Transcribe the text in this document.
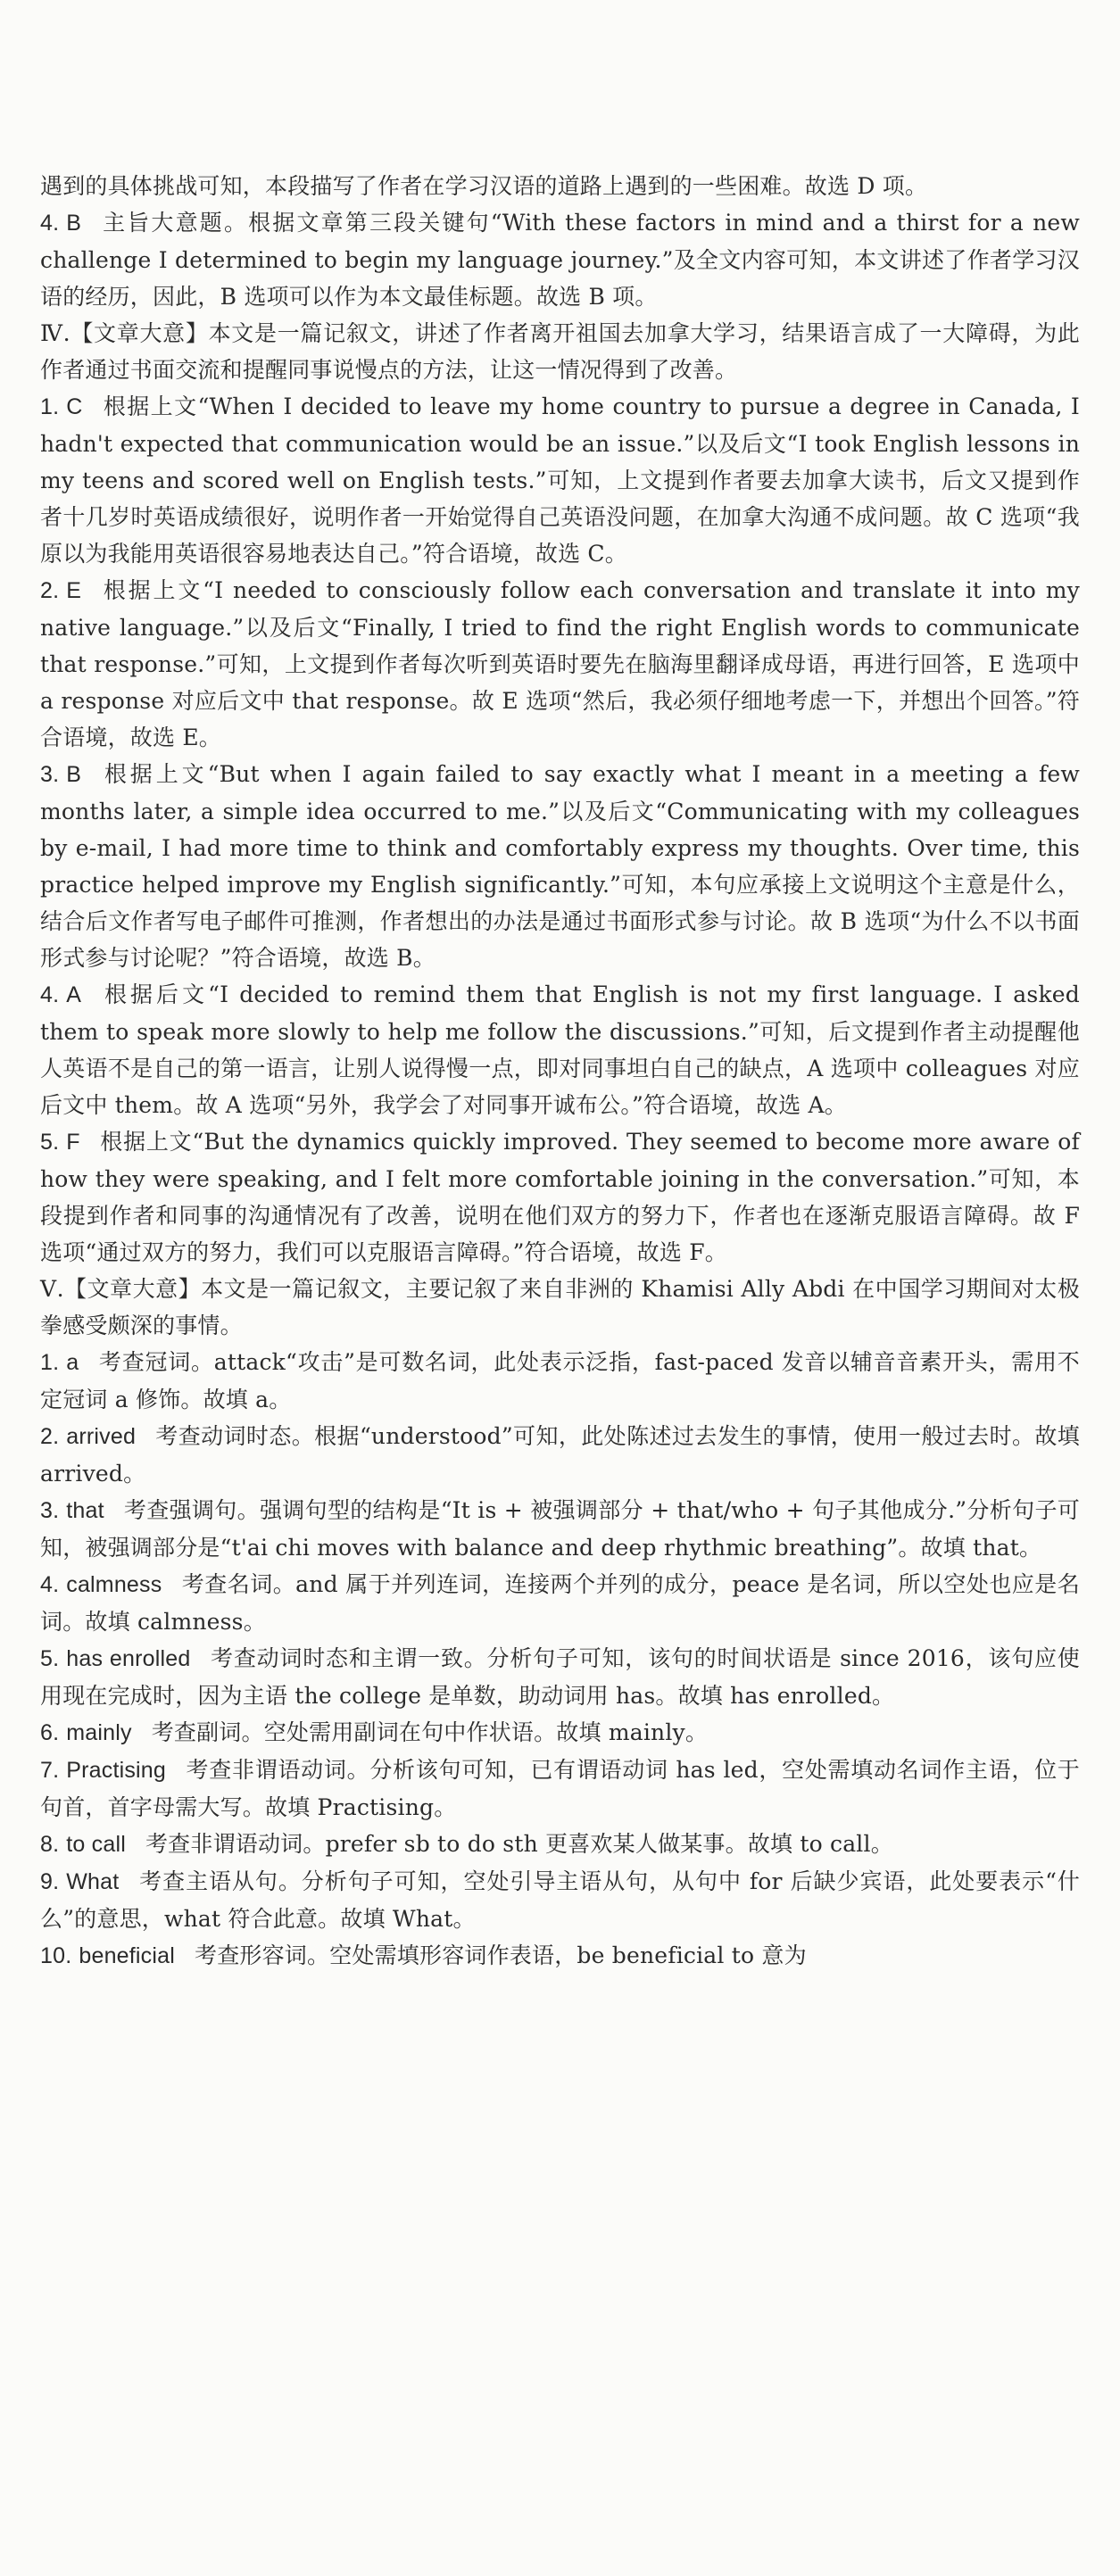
遇到的具体挑战可知，本段描写了作者在学习汉语的道路上遇到的一些困难。故选 D 项。

4. B 主旨大意题。根据文章第三段关键句“With these factors in mind and a thirst for a new challenge I determined to begin my language journey.”及全文内容可知，本文讲述了作者学习汉语的经历，因此，B 选项可以作为本文最佳标题。故选 B 项。

Ⅳ.【文章大意】本文是一篇记叙文，讲述了作者离开祖国去加拿大学习，结果语言成了一大障碍，为此作者通过书面交流和提醒同事说慢点的方法，让这一情况得到了改善。

1. C 根据上文“When I decided to leave my home country to pursue a degree in Canada, I hadn't expected that communication would be an issue.”以及后文“I took English lessons in my teens and scored well on English tests.”可知，上文提到作者要去加拿大读书，后文又提到作者十几岁时英语成绩很好，说明作者一开始觉得自己英语没问题，在加拿大沟通不成问题。故 C 选项“我原以为我能用英语很容易地表达自己。”符合语境，故选 C。

2. E 根据上文“I needed to consciously follow each conversation and translate it into my native language.”以及后文“Finally, I tried to find the right English words to communicate that response.”可知，上文提到作者每次听到英语时要先在脑海里翻译成母语，再进行回答，E 选项中 a response 对应后文中 that response。故 E 选项“然后，我必须仔细地考虑一下，并想出个回答。”符合语境，故选 E。

3. B 根据上文“But when I again failed to say exactly what I meant in a meeting a few months later, a simple idea occurred to me.”以及后文“Communicating with my colleagues by e-mail, I had more time to think and comfortably express my thoughts. Over time, this practice helped improve my English significantly.”可知，本句应承接上文说明这个主意是什么，结合后文作者写电子邮件可推测，作者想出的办法是通过书面形式参与讨论。故 B 选项“为什么不以书面形式参与讨论呢？”符合语境，故选 B。

4. A 根据后文“I decided to remind them that English is not my first language. I asked them to speak more slowly to help me follow the discussions.”可知，后文提到作者主动提醒他人英语不是自己的第一语言，让别人说得慢一点，即对同事坦白自己的缺点，A 选项中 colleagues 对应后文中 them。故 A 选项“另外，我学会了对同事开诚布公。”符合语境，故选 A。

5. F 根据上文“But the dynamics quickly improved. They seemed to become more aware of how they were speaking, and I felt more comfortable joining in the conversation.”可知，本段提到作者和同事的沟通情况有了改善，说明在他们双方的努力下，作者也在逐渐克服语言障碍。故 F 选项“通过双方的努力，我们可以克服语言障碍。”符合语境，故选 F。

Ⅴ.【文章大意】本文是一篇记叙文，主要记叙了来自非洲的 Khamisi Ally Abdi 在中国学习期间对太极拳感受颇深的事情。

1. a 考查冠词。attack“攻击”是可数名词，此处表示泛指，fast-paced 发音以辅音音素开头，需用不定冠词 a 修饰。故填 a。

2. arrived 考查动词时态。根据“understood”可知，此处陈述过去发生的事情，使用一般过去时。故填 arrived。

3. that 考查强调句。强调句型的结构是“It is + 被强调部分 + that/who + 句子其他成分.”分析句子可知，被强调部分是“t'ai chi moves with balance and deep rhythmic breathing”。故填 that。

4. calmness 考查名词。and 属于并列连词，连接两个并列的成分，peace 是名词，所以空处也应是名词。故填 calmness。

5. has enrolled 考查动词时态和主谓一致。分析句子可知，该句的时间状语是 since 2016，该句应使用现在完成时，因为主语 the college 是单数，助动词用 has。故填 has enrolled。

6. mainly 考查副词。空处需用副词在句中作状语。故填 mainly。

7. Practising 考查非谓语动词。分析该句可知，已有谓语动词 has led，空处需填动名词作主语，位于句首，首字母需大写。故填 Practising。

8. to call 考查非谓语动词。prefer sb to do sth 更喜欢某人做某事。故填 to call。

9. What 考查主语从句。分析句子可知，空处引导主语从句，从句中 for 后缺少宾语，此处要表示“什么”的意思，what 符合此意。故填 What。

10. beneficial 考查形容词。空处需填形容词作表语，be beneficial to 意为
